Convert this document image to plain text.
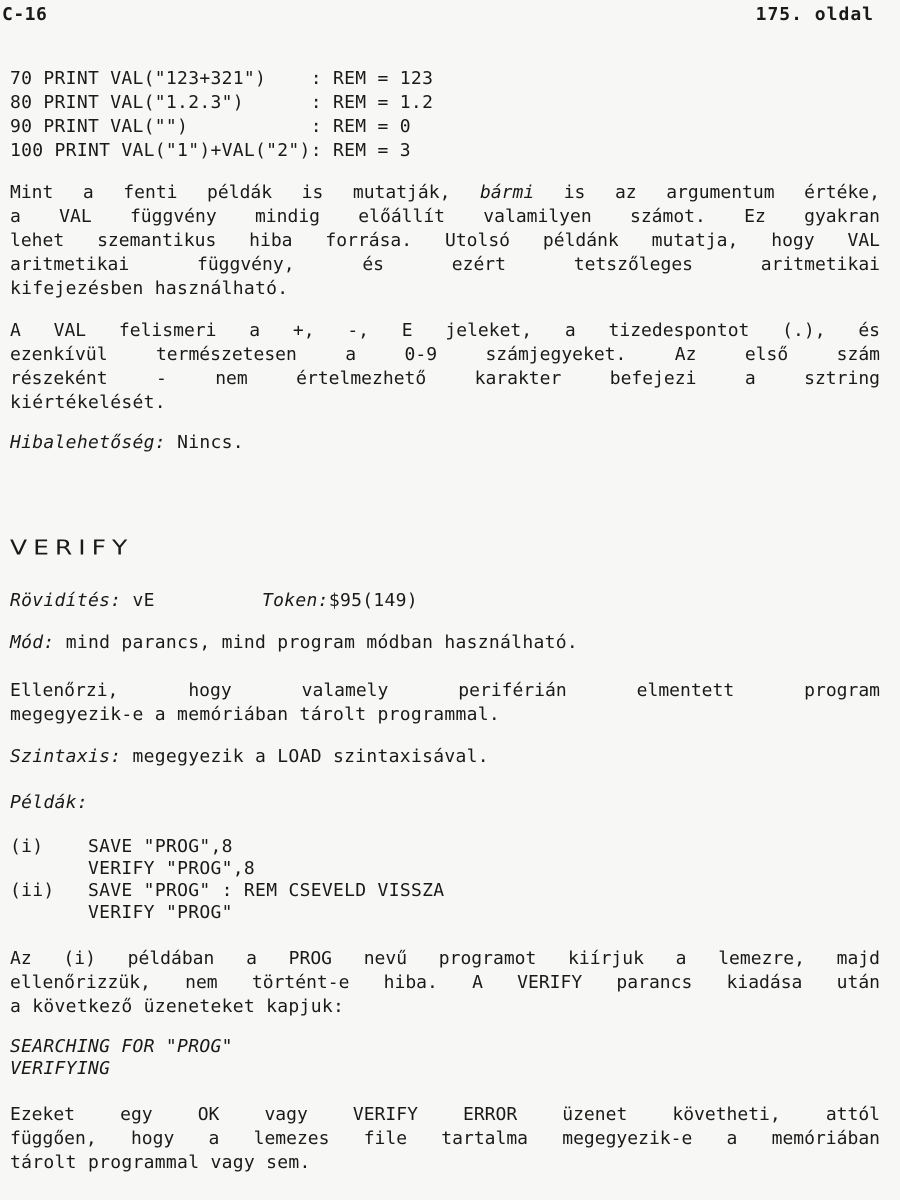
C-16	175. oldal
70 PRINT VAL("123+321")    : REM = 123
80 PRINT VAL("1.2.3")      : REM = 1.2
90 PRINT VAL("")           : REM = 0
100 PRINT VAL("1")+VAL("2"): REM = 3
Mint a fenti példák is mutatják, bármi is az argumentum értéke,
a VAL függvény mindig előállít valamilyen számot. Ez gyakran
lehet szemantikus hiba forrása. Utolsó példánk mutatja, hogy VAL
aritmetikai függvény, és ezért tetszőleges aritmetikai
kifejezésben használható.
A VAL felismeri a +, -, E jeleket, a tizedespontot (.), és
ezenkívül természetesen a 0-9 számjegyeket. Az első szám
részeként - nem értelmezhető karakter befejezi a sztring
kiértékelését.
Hibalehetőség: Nincs.
VERIFY
Rövidítés: vE	Token:$95(149)
Mód: mind parancs, mind program módban használható.
Ellenőrzi, hogy valamely periférián elmentett program
megegyezik-e a memóriában tárolt programmal.
Szintaxis: megegyezik a LOAD szintaxisával.
Példák:
(i) SAVE "PROG",8
VERIFY "PROG",8
(ii) SAVE "PROG" : REM CSEVELD VISSZA
VERIFY "PROG"
Az (i) példában a PROG nevű programot kiírjuk a lemezre, majd
ellenőrizzük, nem történt-e hiba. A VERIFY parancs kiadása után
a következő üzeneteket kapjuk:
SEARCHING FOR "PROG"
VERIFYING
Ezeket egy OK vagy VERIFY ERROR üzenet követheti, attól
függően, hogy a lemezes file tartalma megegyezik-e a memóriában
tárolt programmal vagy sem.
